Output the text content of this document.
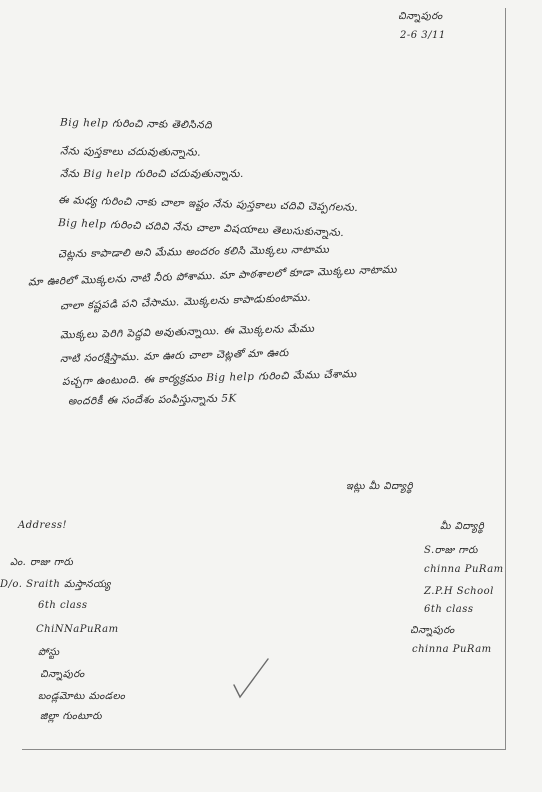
చిన్నాపురం
2-6 3/11
Big help గురించి నాకు తెలిసినది
నేను పుస్తకాలు చదువుతున్నాను.
నేను Big help గురించి చదువుతున్నాను.
ఈ మధ్య గురించి నాకు చాలా ఇష్టం నేను పుస్తకాలు చదివి చెప్పగలను.
Big help గురించి చదివి నేను చాలా విషయాలు తెలుసుకున్నాను.
చెట్లను కాపాడాలి అని మేము అందరం కలిసి మొక్కలు నాటాము
మా ఊరిలో మొక్కలను నాటి నీరు పోశాము. మా పాఠశాలలో కూడా మొక్కలు నాటాము
చాలా కష్టపడి పని చేసాము. మొక్కలను కాపాడుకుంటాము.
మొక్కలు పెరిగి పెద్దవి అవుతున్నాయి. ఈ మొక్కలను మేము
నాటి సంరక్షిస్తాము. మా ఊరు చాలా చెట్లతో మా ఊరు
పచ్చగా ఉంటుంది. ఈ కార్యక్రమం Big help గురించి మేము చేశాము
అందరికీ ఈ సందేశం పంపిస్తున్నాను 5K
ఇట్లు మీ విద్యార్థి
Address!
ఎం. రాజు గారు
D/o. Sraith మస్తానయ్య
6th class
ChiNNaPuRam
పోస్టు
చిన్నాపురం
బండ్లమోటు మండలం
జిల్లా గుంటూరు
మీ విద్యార్థి
S.రాజు గారు
chinna PuRam
Z.P.H School
6th class
చిన్నాపురం
chinna PuRam
